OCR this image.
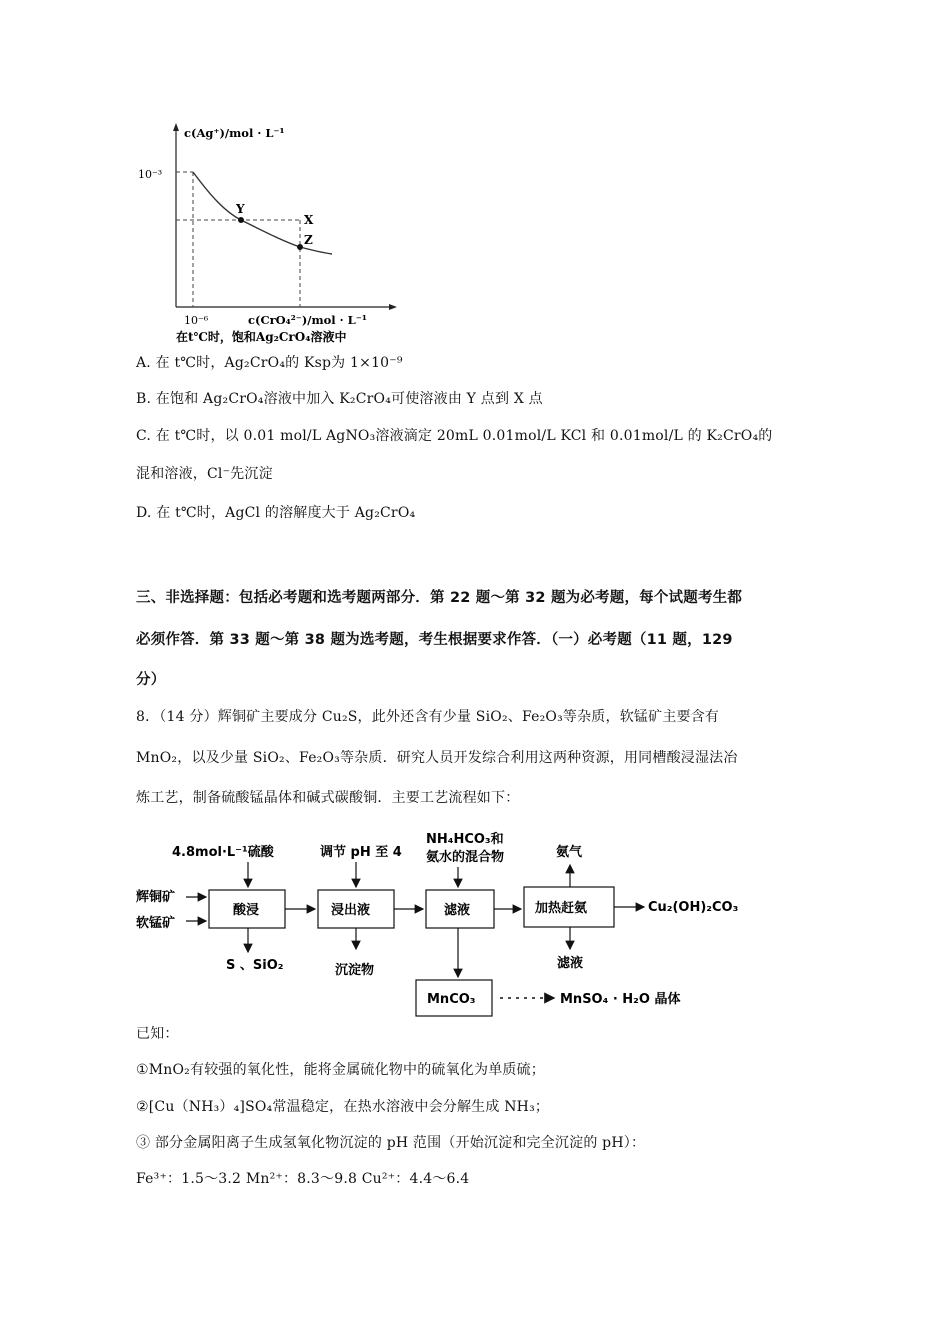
c(Ag⁺)/mol · L⁻¹
10⁻³
10⁻⁶	c(CrO₄²⁻)/mol · L⁻¹
在t℃时，饱和Ag₂CrO₄溶液中
Y
X
Z
A. 在 t℃时，Ag₂CrO₄的 Ksp为 1×10⁻⁹
B. 在饱和 Ag₂CrO₄溶液中加入 K₂CrO₄可使溶液由 Y 点到 X 点
C. 在 t℃时，以 0.01 mol/L AgNO₃溶液滴定 20mL 0.01mol/L KCl 和 0.01mol/L 的 K₂CrO₄的
混和溶液，Cl⁻先沉淀
D. 在 t℃时，AgCl 的溶解度大于 Ag₂CrO₄
三、非选择题：包括必考题和选考题两部分．第 22 题～第 32 题为必考题，每个试题考生都
必须作答．第 33 题～第 38 题为选考题，考生根据要求作答．（一）必考题（11 题，129
分）
8．（14 分）辉铜矿主要成分 Cu₂S，此外还含有少量 SiO₂、Fe₂O₃等杂质，软锰矿主要含有
MnO₂，以及少量 SiO₂、Fe₂O₃等杂质．研究人员开发综合利用这两种资源，用同槽酸浸湿法冶
炼工艺，制备硫酸锰晶体和碱式碳酸铜．主要工艺流程如下：
4.8mol·L⁻¹硫酸	调节 pH 至 4
NH₄HCO₃和
氨水的混合物	氨气
辉铜矿
软锰矿
酸浸	浸出液	滤液	加热赶氨	Cu₂(OH)₂CO₃
S 、SiO₂	沉淀物	滤液
MnCO₃	MnSO₄ · H₂O 晶体
已知：
①MnO₂有较强的氧化性，能将金属硫化物中的硫氧化为单质硫；
②[Cu（NH₃）₄]SO₄常温稳定，在热水溶液中会分解生成 NH₃；
③ 部分金属阳离子生成氢氧化物沉淀的 pH 范围（开始沉淀和完全沉淀的 pH）：
Fe³⁺：1.5～3.2 Mn²⁺：8.3～9.8 Cu²⁺：4.4～6.4
